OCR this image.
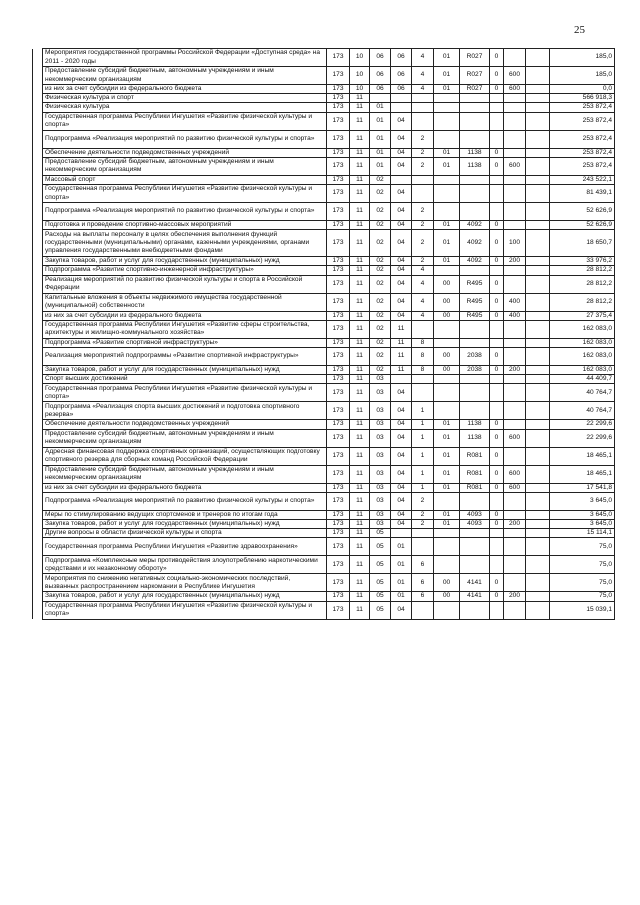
25
	Мероприятия государственной программы Российской Федерации «Доступная среда» на 2011 - 2020 годы	173	10	06	06	4	01	R027	0			185,0
	Предоставление субсидий бюджетным, автономным учреждениям и иным некоммерческим организациям	173	10	06	06	4	01	R027	0	600		185,0
	из них за счет субсидии из федерального бюджета	173	10	06	06	4	01	R027	0	600		0,0
	Физическая культура и спорт	173	11									566 918,3
	Физическая культура	173	11	01								253 872,4
	Государственная программа Республики Ингушетия «Развитие физической культуры и спорта»	173	11	01	04							253 872,4
	Подпрограмма «Реализация мероприятий по развитию физической культуры и спорта»	173	11	01	04	2						253 872,4
	Обеспечение деятельности подведомственных учреждений	173	11	01	04	2	01	1138	0			253 872,4
	Предоставление субсидий бюджетным, автономным учреждениям и иным некоммерческим организациям	173	11	01	04	2	01	1138	0	600		253 872,4
	Массовый спорт	173	11	02								243 522,1
	Государственная программа Республики Ингушетия «Развитие физической культуры и спорта»	173	11	02	04							81 439,1
	Подпрограмма «Реализация мероприятий по развитию физической культуры и спорта»	173	11	02	04	2						52 626,9
	Подготовка и проведение спортивно-массовых мероприятий	173	11	02	04	2	01	4092	0			52 626,9
	Расходы на выплаты персоналу в целях обеспечения выполнения функций государственными (муниципальными) органами, казенными учреждениями, органами управления государственными внебюджетными фондами	173	11	02	04	2	01	4092	0	100		18 650,7
	Закупка товаров, работ и услуг для государственных (муниципальных) нужд	173	11	02	04	2	01	4092	0	200		33 976,2
	Подпрограмма «Развитие спортивно-инженерной инфраструктуры»	173	11	02	04	4						28 812,2
	Реализация мероприятий по развитию физической культуры и спорта в Российской Федерации	173	11	02	04	4	00	R495	0			28 812,2
	Капитальные вложения в объекты недвижимого имущества государственной (муниципальной) собственности	173	11	02	04	4	00	R495	0	400		28 812,2
	из них за счет субсидии из федерального бюджета	173	11	02	04	4	00	R495	0	400		27 375,4
	Государственная программа Республики Ингушетия «Развитие сферы строительства, архитектуры и жилищно-коммунального хозяйства»	173	11	02	11							162 083,0
	Подпрограмма «Развитие спортивной инфраструктуры»	173	11	02	11	8						162 083,0
	Реализация мероприятий подпрограммы «Развитие спортивной инфраструктуры»	173	11	02	11	8	00	2038	0			162 083,0
	Закупка товаров, работ и услуг для государственных (муниципальных) нужд	173	11	02	11	8	00	2038	0	200		162 083,0
	Спорт высших достижений	173	11	03								44 409,7
	Государственная программа Республики Ингушетия «Развитие физической культуры и спорта»	173	11	03	04							40 764,7
	Подпрограмма «Реализация спорта высших достижений и подготовка спортивного резерва»	173	11	03	04	1						40 764,7
	Обеспечение деятельности подведомственных учреждений	173	11	03	04	1	01	1138	0			22 299,6
	Предоставление субсидий бюджетным, автономным учреждениям и иным некоммерческим организациям	173	11	03	04	1	01	1138	0	600		22 299,6
	Адресная финансовая поддержка спортивных организаций, осуществляющих подготовку спортивного резерва для сборных команд Российской Федерации	173	11	03	04	1	01	R081	0			18 465,1
	Предоставление субсидий бюджетным, автономным учреждениям и иным некоммерческим организациям	173	11	03	04	1	01	R081	0	600		18 465,1
	из них за счет субсидии из федерального бюджета	173	11	03	04	1	01	R081	0	600		17 541,8
	Подпрограмма «Реализация мероприятий по развитию физической культуры и спорта»	173	11	03	04	2						3 645,0
	Меры по стимулированию ведущих спортсменов и тренеров по итогам года	173	11	03	04	2	01	4093	0			3 645,0
	Закупка товаров, работ и услуг для государственных (муниципальных) нужд	173	11	03	04	2	01	4093	0	200		3 645,0
	Другие вопросы в области физической культуры и спорта	173	11	05								15 114,1
	Государственная программа Республики Ингушетия «Развитие здравоохранения»	173	11	05	01							75,0
	Подпрограмма «Комплексные меры противодействия злоупотреблению наркотическими средствами и их незаконному обороту»	173	11	05	01	6						75,0
	Мероприятия по снижению негативных социально-экономических последствий, вызванных распространением наркомании в Республике Ингушетия	173	11	05	01	6	00	4141	0			75,0
	Закупка товаров, работ и услуг для государственных (муниципальных) нужд	173	11	05	01	6	00	4141	0	200		75,0
	Государственная программа Республики Ингушетия «Развитие физической культуры и спорта»	173	11	05	04							15 039,1
